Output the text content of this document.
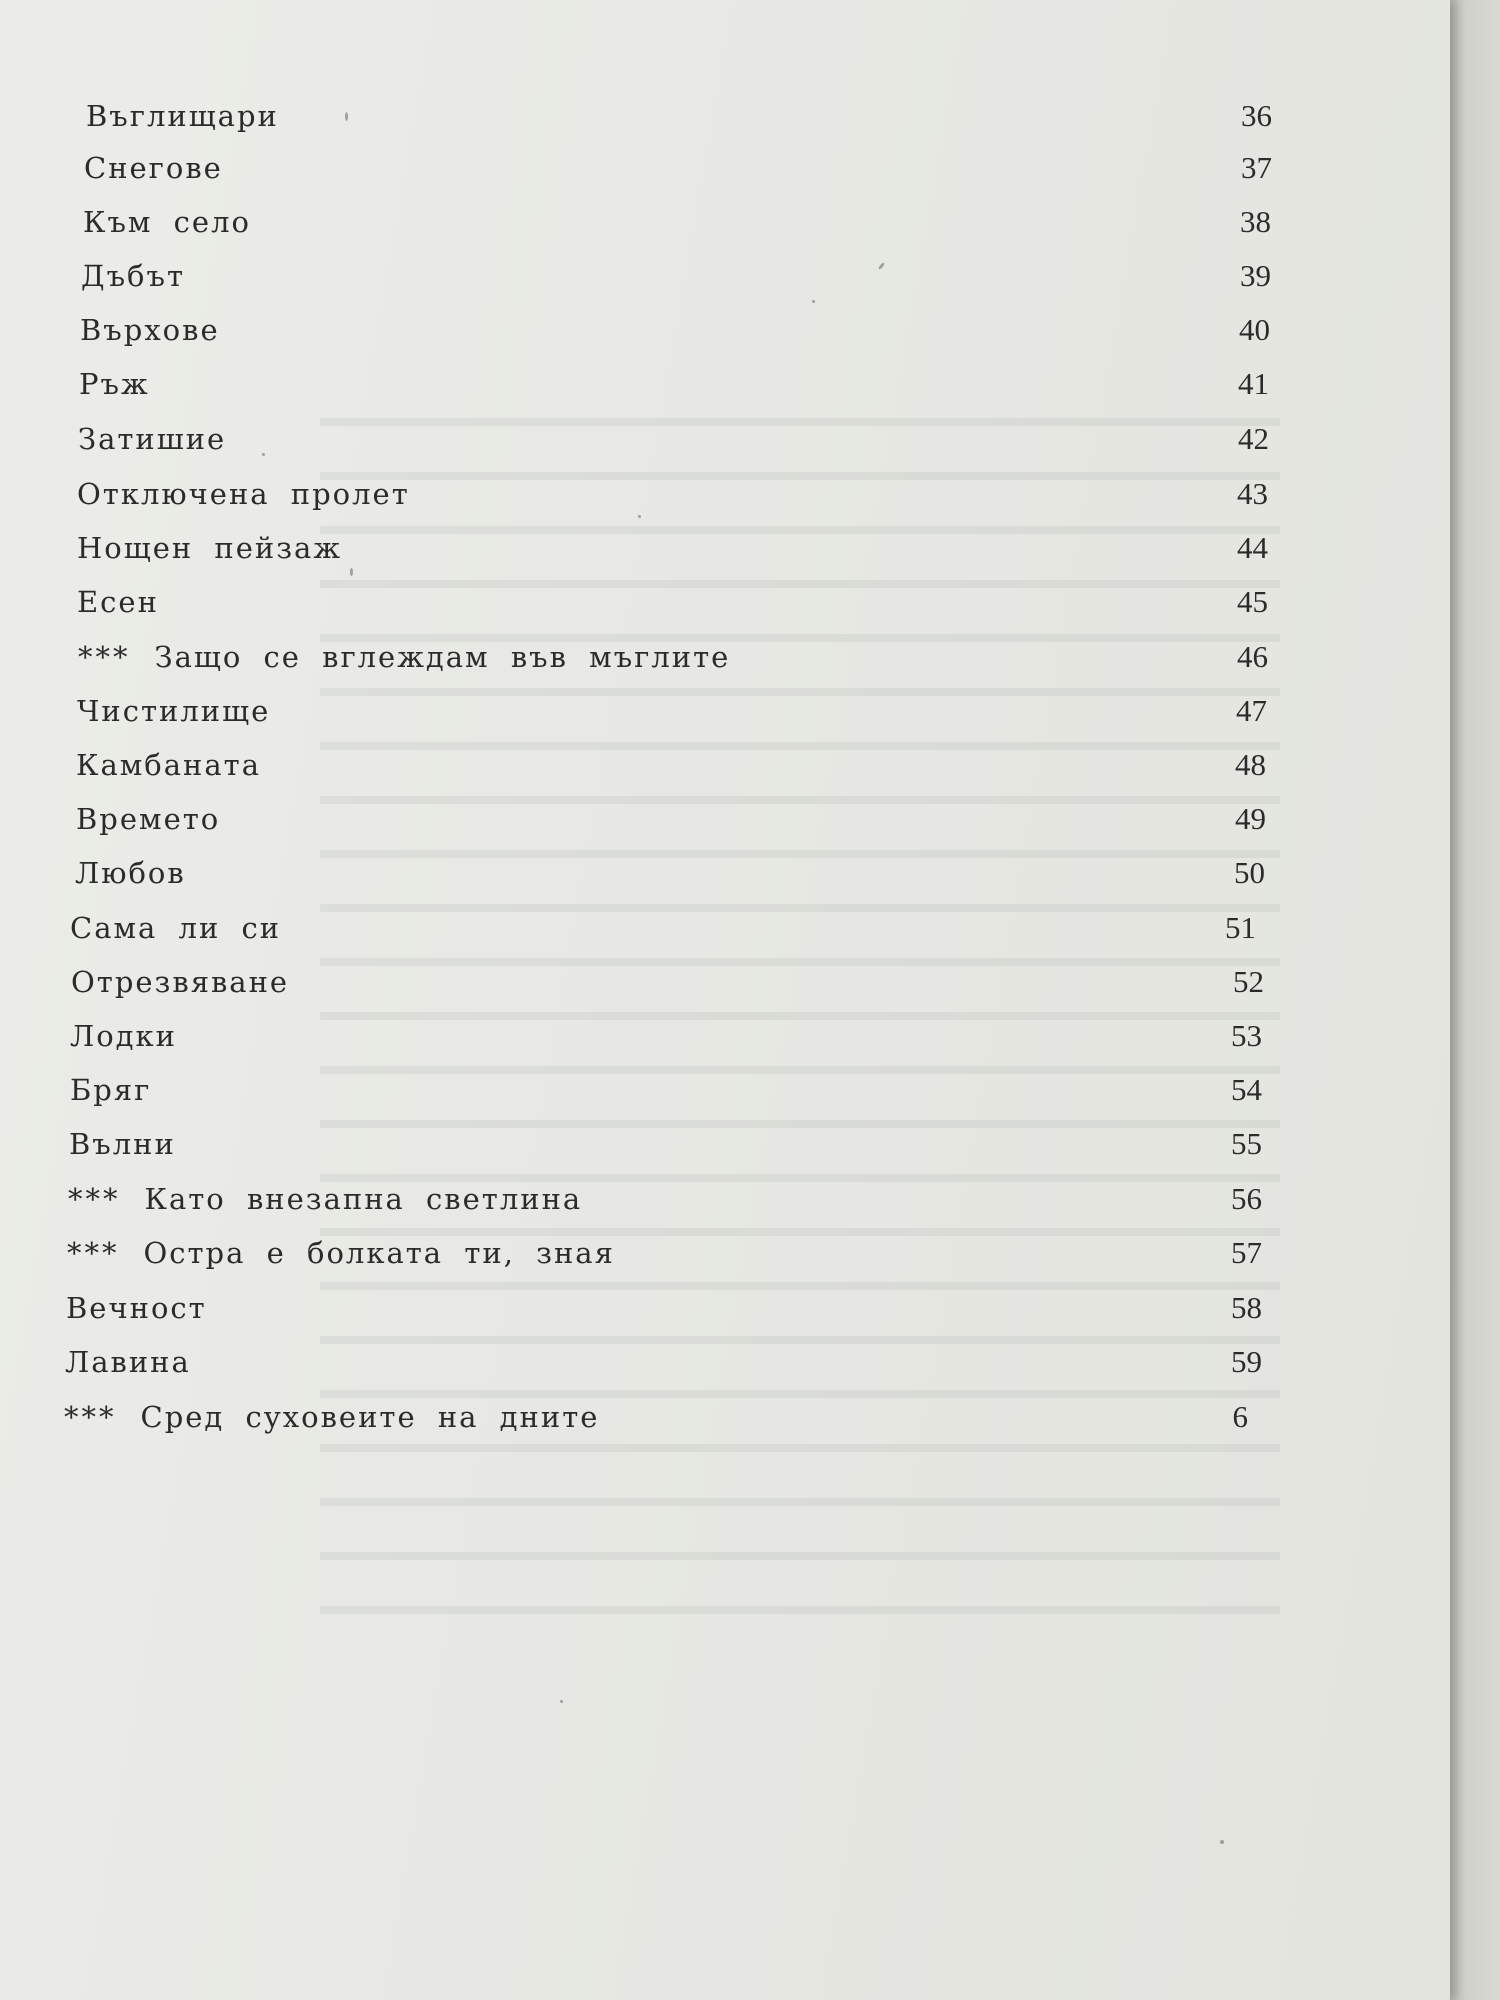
Въглищари	36
Снегове	37
Към село	38
Дъбът	39
Върхове	40
Ръж	41
Затишие	42
Отключена пролет	43
Нощен пейзаж	44
Есен	45
*** Защо се вглеждам във мъглите	46
Чистилище	47
Камбаната	48
Времето	49
Любов	50
Сама ли си	51
Отрезвяване	52
Лодки	53
Бряг	54
Вълни	55
*** Като внезапна светлина	56
*** Остра е болката ти, зная	57
Вечност	58
Лавина	59
*** Сред суховеите на дните	6
